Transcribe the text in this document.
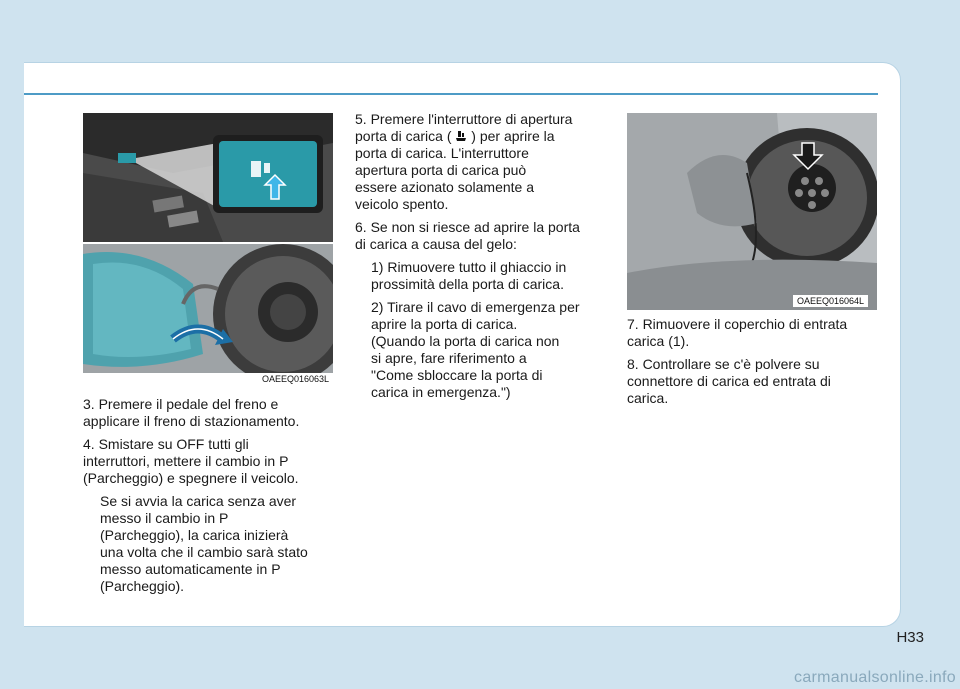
OAEEQ016063L
OAEEQ016064L
3. Premere il pedale del freno e
applicare il freno di stazionamento.
4. Smistare su OFF tutti gli
interruttori, mettere il cambio in P
(Parcheggio) e spegnere il veicolo.
Se si avvia la carica senza aver
messo il cambio in P
(Parcheggio), la carica inizierà
una volta che il cambio sarà stato
messo automaticamente in P
(Parcheggio).
5. Premere l'interruttore di apertura
porta di carica ( ) per aprire la
porta di carica. L'interruttore
apertura porta di carica può
essere azionato solamente a
veicolo spento.
6. Se non si riesce ad aprire la porta
di carica a causa del gelo:
1) Rimuovere tutto il ghiaccio in
prossimità della porta di carica.
2) Tirare il cavo di emergenza per
aprire la porta di carica.
(Quando la porta di carica non
si apre, fare riferimento a
"Come sbloccare la porta di
carica in emergenza.")
7. Rimuovere il coperchio di entrata
carica (1).
8. Controllare se c'è polvere su
connettore di carica ed entrata di
carica.
H33
carmanualsonline.info
